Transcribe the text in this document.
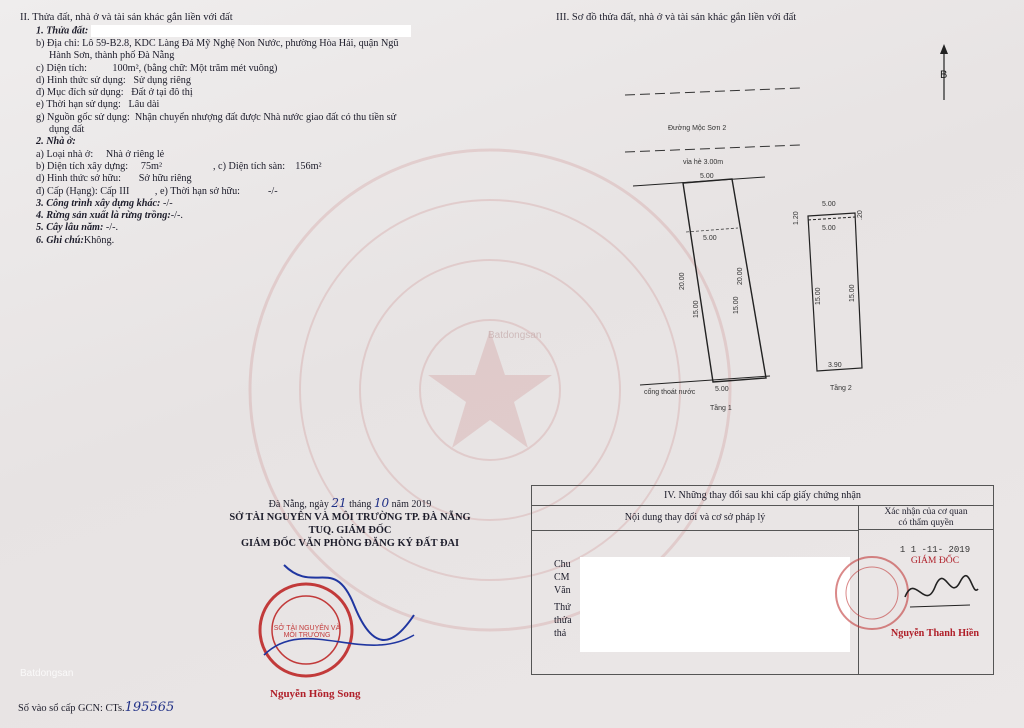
II. Thửa đất, nhà ở và tài sản khác gắn liền với đất
1. Thửa đất:
b) Địa chỉ: Lô 59-B2.8, KDC Làng Đá Mỹ Nghệ Non Nước, phường Hòa Hải, quận Ngũ
Hành Sơn, thành phố Đà Nẵng
c) Diện tích: 100m², (bằng chữ: Một trăm mét vuông)
d) Hình thức sử dụng: Sử dụng riêng
đ) Mục đích sử dụng: Đất ở tại đô thị
e) Thời hạn sử dụng: Lâu dài
g) Nguồn gốc sử dụng: Nhận chuyển nhượng đất được Nhà nước giao đất có thu tiền sử
dụng đất
2. Nhà ở:
a) Loại nhà ở: Nhà ở riêng lẻ
b) Diện tích xây dựng: 75m²	, c) Diện tích sàn: 156m²
d) Hình thức sở hữu: Sở hữu riêng
đ) Cấp (Hạng): Cấp III , e) Thời hạn sở hữu:	-/-
3. Công trình xây dựng khác: -/-
4. Rừng sản xuất là rừng trồng:-/-.
5. Cây lâu năm: -/-.
6. Ghi chú:Không.
III. Sơ đồ thửa đất, nhà ở và tài sản khác gắn liền với đất
B
Đường Mộc Sơn 2
vỉa hè 3.00m
5.00
5.00
20.00	20.00
15.00	15.00
cống thoát nước	5.00
Tầng 1
5.00
5.00
1.20	.20
15.00	15.00
3.90
Tầng 2
Đà Nẵng, ngày 21 tháng 10 năm 2019
SỞ TÀI NGUYÊN VÀ MÔI TRƯỜNG TP. ĐÀ NẴNG
TUQ. GIÁM ĐỐC
GIÁM ĐỐC VĂN PHÒNG ĐĂNG KÝ ĐẤT ĐAI
SỞ TÀI NGUYÊN VÀ MÔI TRƯỜNG
Nguyễn Hồng Song
Số vào sổ cấp GCN: CTs.195565
Batdongsan
Batdongsan
IV. Những thay đổi sau khi cấp giấy chứng nhận
Nội dung thay đổi và cơ sở pháp lý	Xác nhận của cơ quan
có thẩm quyền
Chu
CM
Văn
Thứ
thửa
thả
1 1 -11- 2019
GIÁM ĐỐC
Nguyễn Thanh Hiền
